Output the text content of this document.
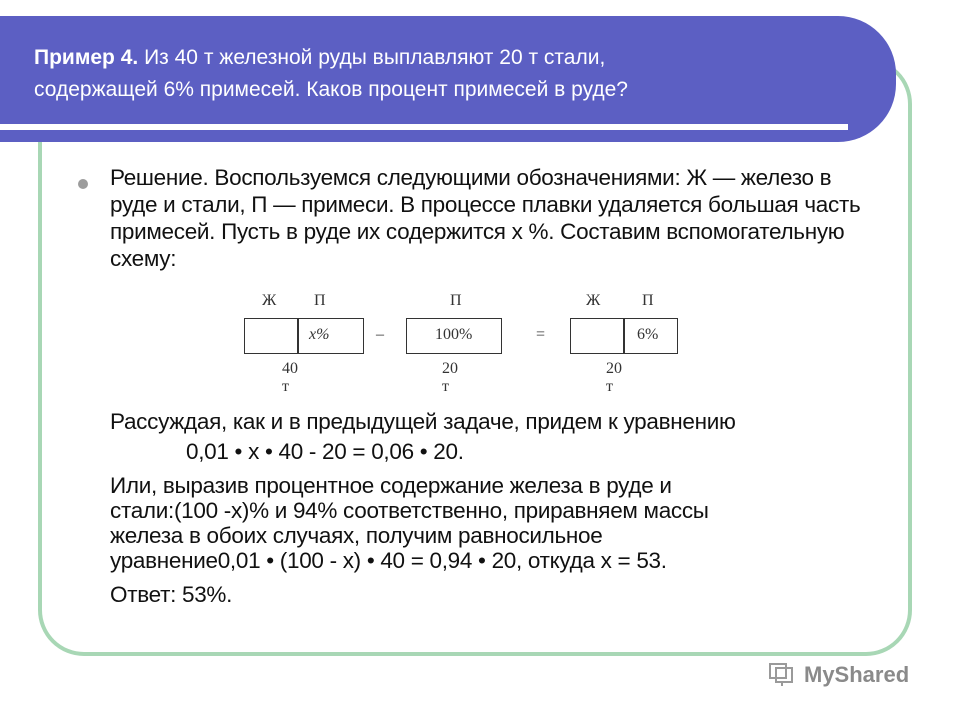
Пример 4. Из 40 т железной руды выплавляют 20 т стали,
содержащей 6% примесей. Каков процент примесей в руде?

Решение. Воспользуемся следующими обозначениями: Ж — железо в руде и стали, П — примеси. В процессе плавки удаляется большая часть примесей. Пусть в руде их содержится х %. Составим вспомогательную схему:
Ж П
x%
40 т
–
П
100%
20 т
=
Ж	П
6%
20 т
Рассуждая, как и в предыдущей задаче, придем к уравнению
0,01 • х • 40 - 20 = 0,06 • 20.
Или, выразив процентное содержание железа в руде и
стали:(100 -х)% и 94% соответственно, приравняем массы
железа в обоих случаях, получим равносильное
уравнение0,01 • (100 - х) • 40 = 0,94 • 20, откуда х = 53.
Ответ: 53%.
MyShared
